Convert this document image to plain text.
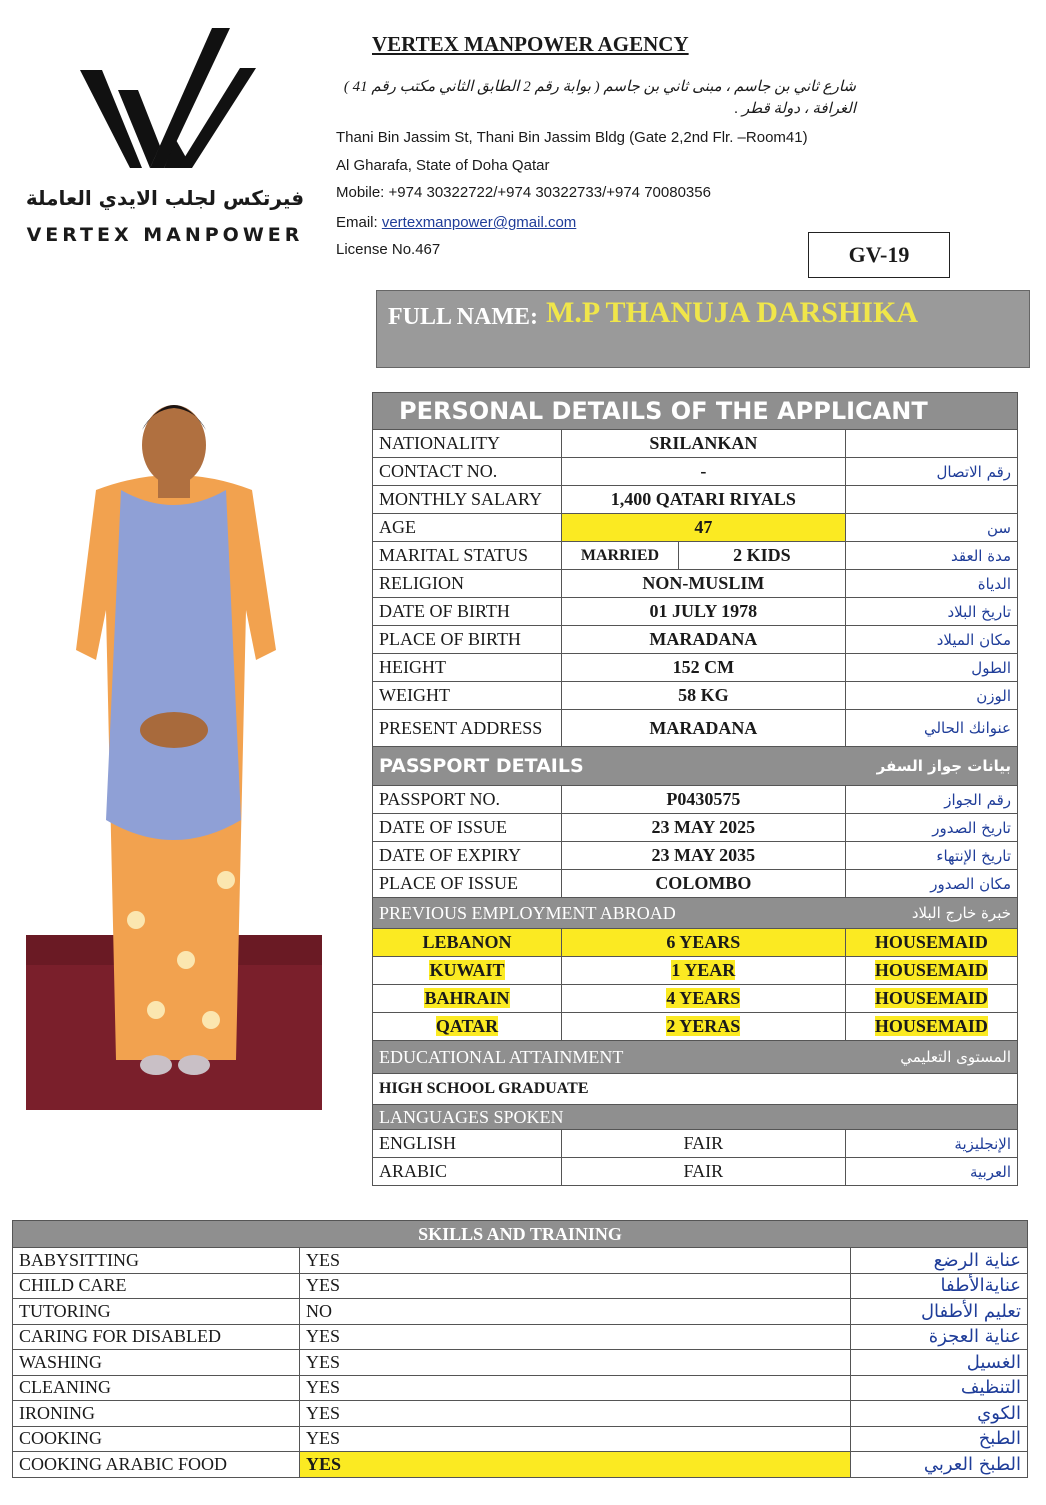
فيرتكس لجلب الايدي العاملة
VERTEX MANPOWER
VERTEX MANPOWER AGENCY
شارع ثاني بن جاسم ، مبنى ثاني بن جاسم ( بوابة رقم 2 الطابق الثاني مكتب رقم 41 )
الغرافة ، دولة قطر .
Thani Bin Jassim St, Thani Bin Jassim Bldg (Gate 2,2nd Flr. –Room41)
Al Gharafa, State of Doha Qatar
Mobile: +974 30322722/+974 30322733/+974 70080356
Email: vertexmanpower@gmail.com
License No.467	GV-19
FULL NAME: M.P THANUJA DARSHIKA
PERSONAL DETAILS OF THE APPLICANT			
NATIONALITY	SRILANKAN		
CONTACT NO.	-		رقم الاتصال
MONTHLY SALARY	1,400 QATARI RIYALS		
AGE	47		سن
MARITAL STATUS	MARRIED	2 KIDS	مدة العقد
RELIGION	NON-MUSLIM		الدياة
DATE OF BIRTH	01 JULY 1978		تاريخ البلاد
PLACE OF BIRTH	MARADANA		مكان الميلاد
HEIGHT	152 CM		الطول
WEIGHT	58 KG		الوزن
PRESENT ADDRESS	MARADANA		عنوانك الحالي
PASSPORT DETAILS			بيانات جواز السفر
PASSPORT NO.	P0430575		رقم الجواز
DATE OF ISSUE	23 MAY 2025		تاريخ الصدور
DATE OF EXPIRY	23 MAY 2035		تاريخ الإنتهاء
PLACE OF ISSUE	COLOMBO		مكان الصدور
PREVIOUS EMPLOYMENT ABROAD			خبرة خارج البلاد
LEBANON	6 YEARS		HOUSEMAID
KUWAIT	1 YEAR		HOUSEMAID
BAHRAIN	4 YEARS		HOUSEMAID
QATAR	2 YERAS		HOUSEMAID
EDUCATIONAL ATTAINMENT			المستوى التعليمي
HIGH SCHOOL GRADUATE			
LANGUAGES SPOKEN			
ENGLISH	FAIR		الإنجليزية
ARABIC	FAIR		العربية
SKILLS AND TRAINING		
BABYSITTING	YES	عناية الرضع
CHILD CARE	YES	عنايةالأطفا
TUTORING	NO	تعليم الأطفال
CARING FOR DISABLED	YES	عناية العجزة
WASHING	YES	الغسيل
CLEANING	YES	التنظيف
IRONING	YES	الكوي
COOKING	YES	الطبخ
COOKING ARABIC FOOD	YES	الطبخ العربي
